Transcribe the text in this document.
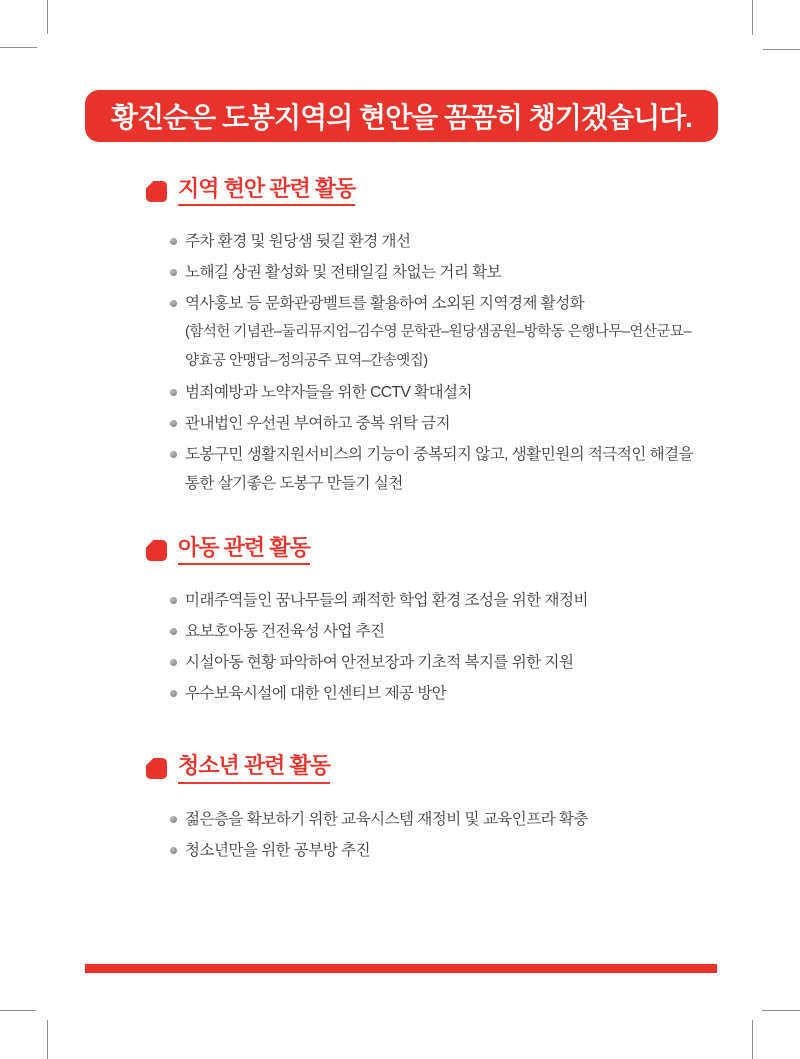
황진순은 도봉지역의 현안을 꼼꼼히 챙기겠습니다.
지역 현안 관련 활동
주차 환경 및 원당샘 뒷길 환경 개선
노해길 상권 활성화 및 전태일길 차없는 거리 확보
역사홍보 등 문화관광벨트를 활용하여 소외된 지역경제 활성화
(함석헌 기념관–둘리뮤지엄–김수영 문학관–원당샘공원–방학동 은행나무–연산군묘–양효공 안맹담–정의공주 묘역–간송옛집)
범죄예방과 노약자들을 위한 CCTV 확대설치
관내법인 우선권 부여하고 중복 위탁 금지
도봉구민 생활지원서비스의 기능이 중복되지 않고, 생활민원의 적극적인 해결을 통한 살기좋은 도봉구 만들기 실천
아동 관련 활동
미래주역들인 꿈나무들의 쾌적한 학업 환경 조성을 위한 재정비
요보호아동 건전육성 사업 추진
시설아동 현황 파악하여 안전보장과 기초적 복지를 위한 지원
우수보육시설에 대한 인센티브 제공 방안
청소년 관련 활동
젊은층을 확보하기 위한 교육시스템 재정비 및 교육인프라 확충
청소년만을 위한 공부방 추진
